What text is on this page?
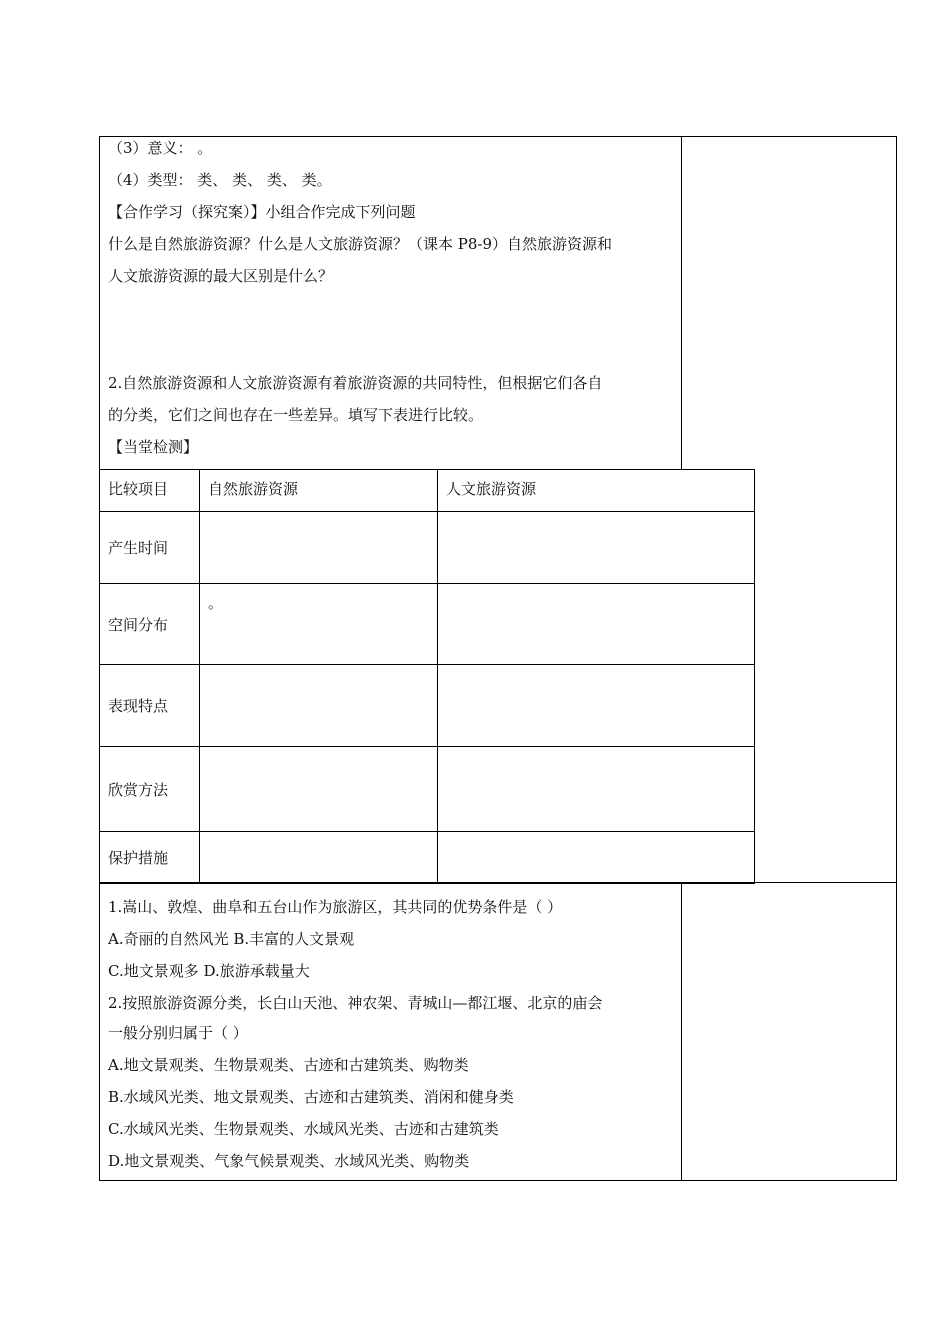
（3）意义： 。
（4）类型： 类、 类、 类、 类。
【合作学习（探究案）】小组合作完成下列问题
什么是自然旅游资源？什么是人文旅游资源？（课本 P8-9）自然旅游资源和
人文旅游资源的最大区别是什么？
2.自然旅游资源和人文旅游资源有着旅游资源的共同特性，但根据它们各自
的分类，它们之间也存在一些差异。填写下表进行比较。
【当堂检测】
比较项目	自然旅游资源	人文旅游资源
产生时间		
空间分布	。	
表现特点		
欣赏方法		
保护措施		
1.嵩山、敦煌、曲阜和五台山作为旅游区，其共同的优势条件是（ ）
A.奇丽的自然风光 B.丰富的人文景观
C.地文景观多 D.旅游承载量大
2.按照旅游资源分类，长白山天池、神农架、青城山—都江堰、北京的庙会
一般分别归属于（ ）
A.地文景观类、生物景观类、古迹和古建筑类、购物类
B.水域风光类、地文景观类、古迹和古建筑类、消闲和健身类
C.水域风光类、生物景观类、水域风光类、古迹和古建筑类
D.地文景观类、气象气候景观类、水域风光类、购物类
